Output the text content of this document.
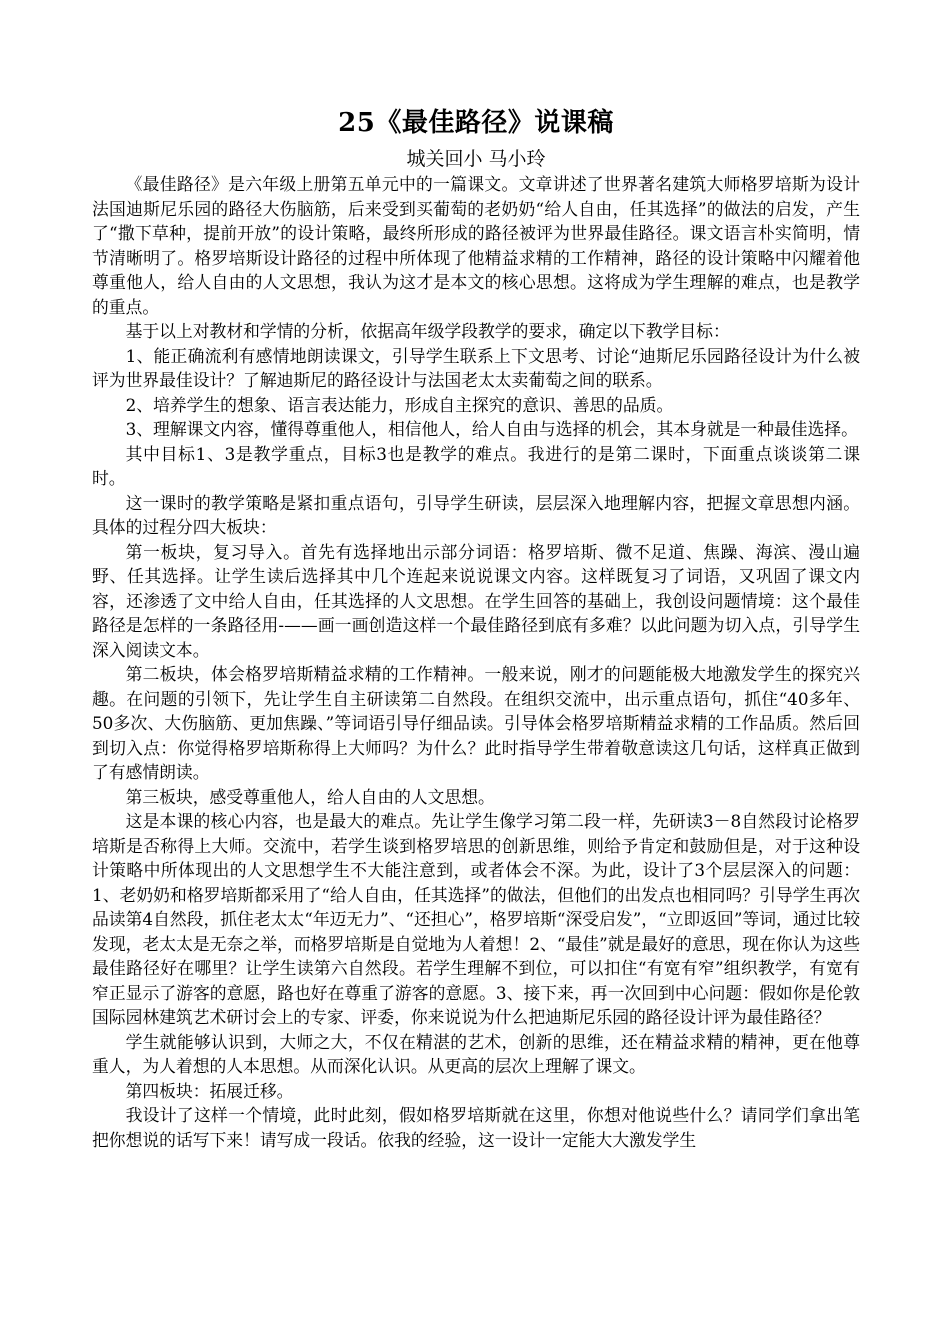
25《最佳路径》说课稿
城关回小 马小玲

《最佳路径》是六年级上册第五单元中的一篇课文。文章讲述了世界著名建筑大师格罗培斯为设计法国迪斯尼乐园的路径大伤脑筋，后来受到买葡萄的老奶奶“给人自由，任其选择”的做法的启发，产生了“撒下草种，提前开放”的设计策略，最终所形成的路径被评为世界最佳路径。课文语言朴实简明，情节清晰明了。格罗培斯设计路径的过程中所体现了他精益求精的工作精神，路径的设计策略中闪耀着他尊重他人，给人自由的人文思想，我认为这才是本文的核心思想。这将成为学生理解的难点，也是教学的重点。

基于以上对教材和学情的分析，依据高年级学段教学的要求，确定以下教学目标：

1、能正确流利有感情地朗读课文，引导学生联系上下文思考、讨论“迪斯尼乐园路径设计为什么被评为世界最佳设计？了解迪斯尼的路径设计与法国老太太卖葡萄之间的联系。

2、培养学生的想象、语言表达能力，形成自主探究的意识、善思的品质。

3、理解课文内容，懂得尊重他人，相信他人，给人自由与选择的机会，其本身就是一种最佳选择。

其中目标1、3是教学重点，目标3也是教学的难点。我进行的是第二课时，下面重点谈谈第二课时。

这一课时的教学策略是紧扣重点语句，引导学生研读，层层深入地理解内容，把握文章思想内涵。具体的过程分四大板块：

第一板块，复习导入。首先有选择地出示部分词语：格罗培斯、微不足道、焦躁、海滨、漫山遍野、任其选择。让学生读后选择其中几个连起来说说课文内容。这样既复习了词语，又巩固了课文内容，还渗透了文中给人自由，任其选择的人文思想。在学生回答的基础上，我创设问题情境：这个最佳路径是怎样的一条路径用-——画一画创造这样一个最佳路径到底有多难？以此问题为切入点，引导学生深入阅读文本。

第二板块，体会格罗培斯精益求精的工作精神。一般来说，刚才的问题能极大地激发学生的探究兴趣。在问题的引领下，先让学生自主研读第二自然段。在组织交流中，出示重点语句，抓住“40多年、50多次、大伤脑筋、更加焦躁、”等词语引导仔细品读。引导体会格罗培斯精益求精的工作品质。然后回到切入点：你觉得格罗培斯称得上大师吗？为什么？此时指导学生带着敬意读这几句话，这样真正做到了有感情朗读。

第三板块，感受尊重他人，给人自由的人文思想。

这是本课的核心内容，也是最大的难点。先让学生像学习第二段一样，先研读3－8自然段讨论格罗培斯是否称得上大师。交流中，若学生谈到格罗培思的创新思维，则给予肯定和鼓励但是，对于这种设计策略中所体现出的人文思想学生不大能注意到，或者体会不深。为此，设计了3个层层深入的问题：1、老奶奶和格罗培斯都采用了“给人自由，任其选择”的做法，但他们的出发点也相同吗？引导学生再次品读第4自然段，抓住老太太“年迈无力”、“还担心”，格罗培斯“深受启发”，“立即返回”等词，通过比较发现，老太太是无奈之举，而格罗培斯是自觉地为人着想！2、“最佳”就是最好的意思，现在你认为这些最佳路径好在哪里？让学生读第六自然段。若学生理解不到位，可以扣住“有宽有窄”组织教学，有宽有窄正显示了游客的意愿，路也好在尊重了游客的意愿。3、接下来，再一次回到中心问题：假如你是伦敦国际园林建筑艺术研讨会上的专家、评委，你来说说为什么把迪斯尼乐园的路径设计评为最佳路径？

学生就能够认识到，大师之大，不仅在精湛的艺术，创新的思维，还在精益求精的精神，更在他尊重人，为人着想的人本思想。从而深化认识。从更高的层次上理解了课文。

第四板块：拓展迁移。

我设计了这样一个情境，此时此刻，假如格罗培斯就在这里，你想对他说些什么？请同学们拿出笔把你想说的话写下来！请写成一段话。依我的经验，这一设计一定能大大激发学生
